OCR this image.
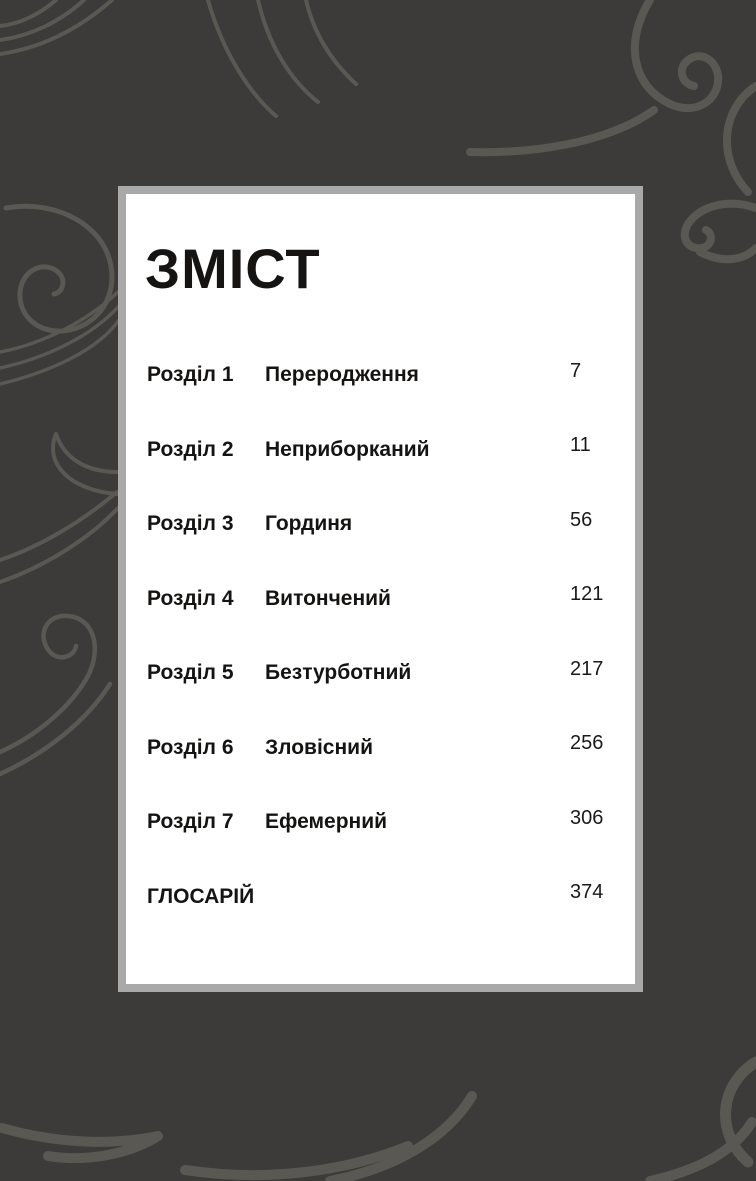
ЗМІСТ
Розділ 1	Переродження	7
Розділ 2	Неприборканий	11
Розділ 3	Гординя	56
Розділ 4	Витончений	121
Розділ 5	Безтурботний	217
Розділ 6	Зловісний	256
Розділ 7	Ефемерний	306
ГЛОСАРІЙ	374
